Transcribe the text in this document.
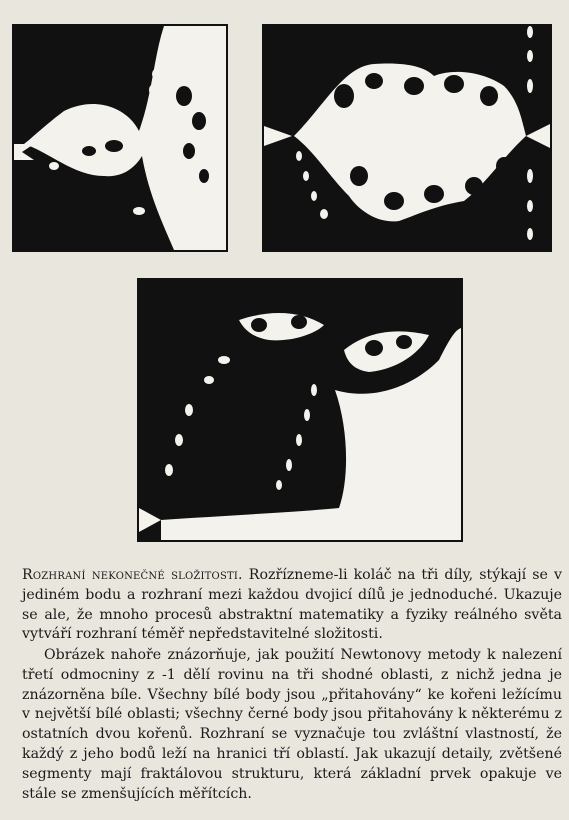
Rozhraní nekonečné složitosti. Rozřízneme-li koláč na tři díly, stýkají se v jediném bodu a rozhraní mezi každou dvojicí dílů je jednoduché. Ukazuje se ale, že mnoho procesů abstraktní matematiky a fyziky reálného světa vytváří rozhraní téměř nepředstavitelné složitosti.
Obrázek nahoře znázorňuje, jak použití Newtonovy metody k nalezení třetí odmocniny z -1 dělí rovinu na tři shodné oblasti, z nichž jedna je znázorněna bíle. Všechny bílé body jsou „přitahovány“ ke kořeni ležícímu v největší bílé oblasti; všechny černé body jsou přitahovány k některému z ostatních dvou kořenů. Rozhraní se vyznačuje tou zvláštní vlastností, že každý z jeho bodů leží na hranici tří oblastí. Jak ukazují detaily, zvětšené segmenty mají fraktálovou strukturu, která základní prvek opakuje ve stále se zmenšujících měřítcích.
